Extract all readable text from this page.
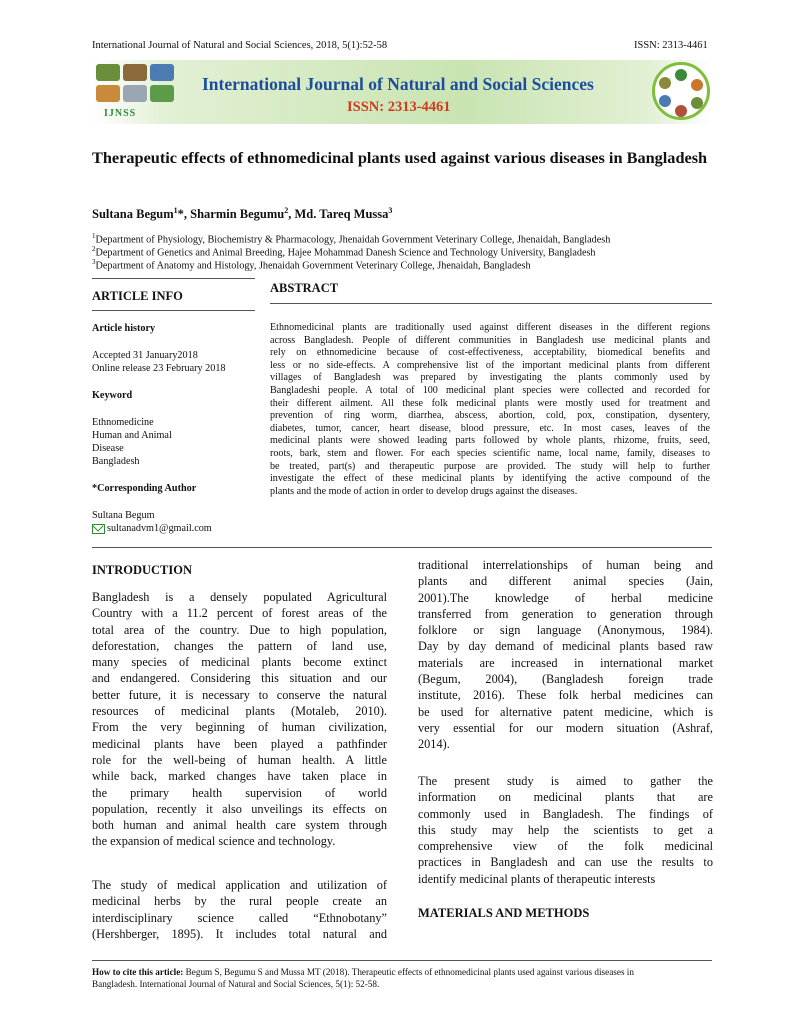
International Journal of Natural and Social Sciences, 2018, 5(1):52-58	ISSN: 2313-4461
IJNSS
International Journal of Natural and Social Sciences
ISSN: 2313-4461
Therapeutic effects of ethnomedicinal plants used against various diseases in Bangladesh
Sultana Begum$^1$*, Sharmin Begumu$^2$, Md. Tareq Mussa$^3$
$^1$Department of Physiology, Biochemistry & Pharmacology, Jhenaidah Government Veterinary College, Jhenaidah, Bangladesh
$^2$Department of Genetics and Animal Breeding, Hajee Mohammad Danesh Science and Technology University, Bangladesh
$^3$Department of Anatomy and Histology, Jhenaidah Government Veterinary College, Jhenaidah, Bangladesh
ARTICLE INFO
ABSTRACT
Article history
Accepted 31 January2018
Online release 23 February 2018
Keyword
Ethnomedicine
Human and Animal
Disease
Bangladesh
*Corresponding Author
Sultana Begum
sultanadvm1@gmail.com
Ethnomedicinal plants are traditionally used against different diseases in the different regions
across Bangladesh. People of different communities in Bangladesh use medicinal plants and
rely on ethnomedicine because of cost-effectiveness, acceptability, biomedical benefits and
less or no side-effects. A comprehensive list of the important medicinal plants from different
villages of Bangladesh was prepared by investigating the plants commonly used by
Bangladeshi people. A total of 100 medicinal plant species were collected and recorded for
their different ailment. All these folk medicinal plants were mostly used for treatment and
prevention of ring worm, diarrhea, abscess, abortion, cold, pox, constipation, dysentery,
diabetes, tumor, cancer, heart disease, blood pressure, etc. In most cases, leaves of the
medicinal plants were showed leading parts followed by whole plants, rhizome, fruits, seed,
roots, bark, stem and flower. For each species scientific name, local name, family, diseases to
be treated, part(s) and therapeutic purpose are provided. The study will help to further
investigate the effect of these medicinal plants by identifying the active compound of the
plants and the mode of action in order to develop drugs against the diseases.
INTRODUCTION
Bangladesh is a densely populated Agricultural
Country with a 11.2 percent of forest areas of the
total area of the country. Due to high population,
deforestation, changes the pattern of land use,
many species of medicinal plants become extinct
and endangered. Considering this situation and our
better future, it is necessary to conserve the natural
resources of medicinal plants (Motaleb, 2010).
From the very beginning of human civilization,
medicinal plants have been played a pathfinder
role for the well-being of human health. A little
while back, marked changes have taken place in
the primary health supervision of world
population, recently it also unveilings its effects on
both human and animal health care system through
the expansion of medical science and technology.
The study of medical application and utilization of
medicinal herbs by the rural people create an
interdisciplinary science called “Ethnobotany”
(Hershberger, 1895). It includes total natural and
traditional interrelationships of human being and
plants and different animal species (Jain,
2001).The knowledge of herbal medicine
transferred from generation to generation through
folklore or sign language (Anonymous, 1984).
Day by day demand of medicinal plants based raw
materials are increased in international market
(Begum, 2004), (Bangladesh foreign trade
institute, 2016). These folk herbal medicines can
be used for alternative patent medicine, which is
very essential for our modern situation (Ashraf,
2014).
The present study is aimed to gather the
information on medicinal plants that are
commonly used in Bangladesh. The findings of
this study may help the scientists to get a
comprehensive view of the folk medicinal
practices in Bangladesh and can use the results to
identify medicinal plants of therapeutic interests
MATERIALS AND METHODS
How to cite this article: Begum S, Begumu S and Mussa MT (2018). Therapeutic effects of ethnomedicinal plants used against various diseases in
Bangladesh. International Journal of Natural and Social Sciences, 5(1): 52-58.
